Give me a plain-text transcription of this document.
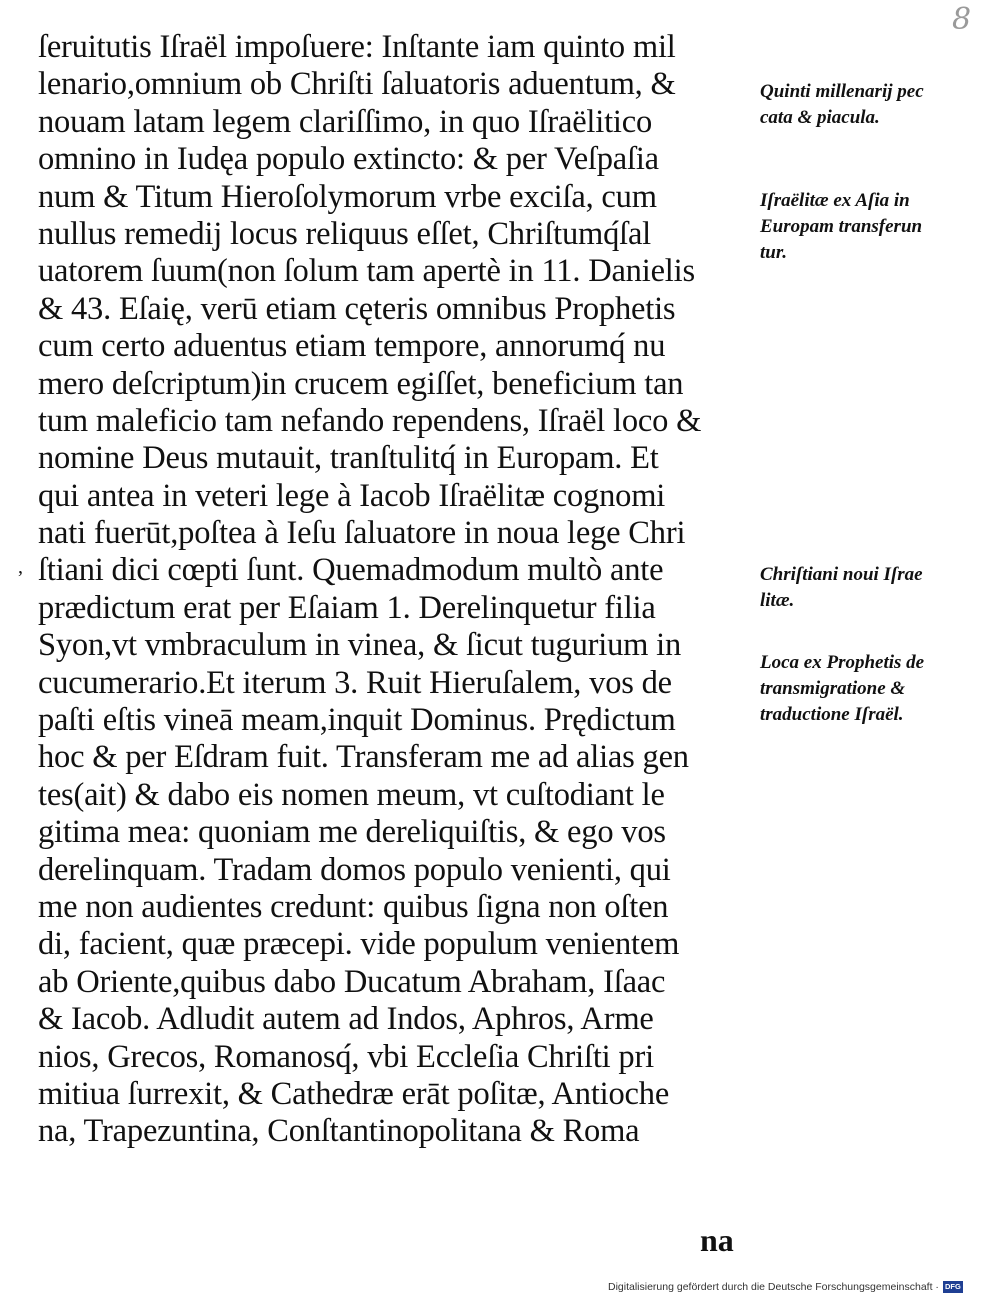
8
,
ſeruitutis Iſraël impoſuere: Inſtante iam quinto mil
lenario,omnium ob Chriſti ſaluatoris aduentum, &
nouam latam legem clariſſimo, in quo Iſraëlitico
omnino in Iudęa populo extincto: & per Veſpaſia
num & Titum Hieroſolymorum vrbe exciſa, cum
nullus remedij locus reliquus eſſet, Chriſtumq́ſal
uatorem ſuum(non ſolum tam apertè in 11. Danielis
& 43. Eſaię, verū etiam cęteris omnibus Prophetis
cum certo aduentus etiam tempore, annorumq́ nu
mero deſcriptum)in crucem egiſſet, beneficium tan
tum maleficio tam nefando rependens, Iſraël loco &
nomine Deus mutauit, tranſtulitq́ in Europam. Et
qui antea in veteri lege à Iacob Iſraëlitæ cognomi
nati fuerūt,poſtea à Ieſu ſaluatore in noua lege Chri
ſtiani dici cœpti ſunt. Quemadmodum multò ante
prædictum erat per Eſaiam 1. Derelinquetur filia
Syon,vt vmbraculum in vinea, & ſicut tugurium in
cucumerario.Et iterum 3. Ruit Hieruſalem, vos de
paſti eſtis vineā meam,inquit Dominus. Prędictum
hoc & per Eſdram fuit. Transferam me ad alias gen
tes(ait) & dabo eis nomen meum, vt cuſtodiant le
gitima mea: quoniam me dereliquiſtis, & ego vos
derelinquam. Tradam domos populo venienti, qui
me non audientes credunt: quibus ſigna non oſten
di, facient, quæ præcepi. vide populum venientem
ab Oriente,quibus dabo Ducatum Abraham, Iſaac
& Iacob. Adludit autem ad Indos, Aphros, Arme
nios, Grecos, Romanosq́, vbi Eccleſia Chriſti pri
mitiua ſurrexit, & Cathedræ erāt poſitæ, Antioche
na, Trapezuntina, Conſtantinopolitana & Roma
na
Quinti millenarij pec
cata & piacula.
Iſraëlitæ ex Aſia in
Europam transferun
tur.
Chriſtiani noui Iſrae
litæ.
Loca ex Prophetis de
transmigratione &
traductione Iſraël.
Digitalisierung gefördert durch die Deutsche Forschungsgemeinschaft · DFG
